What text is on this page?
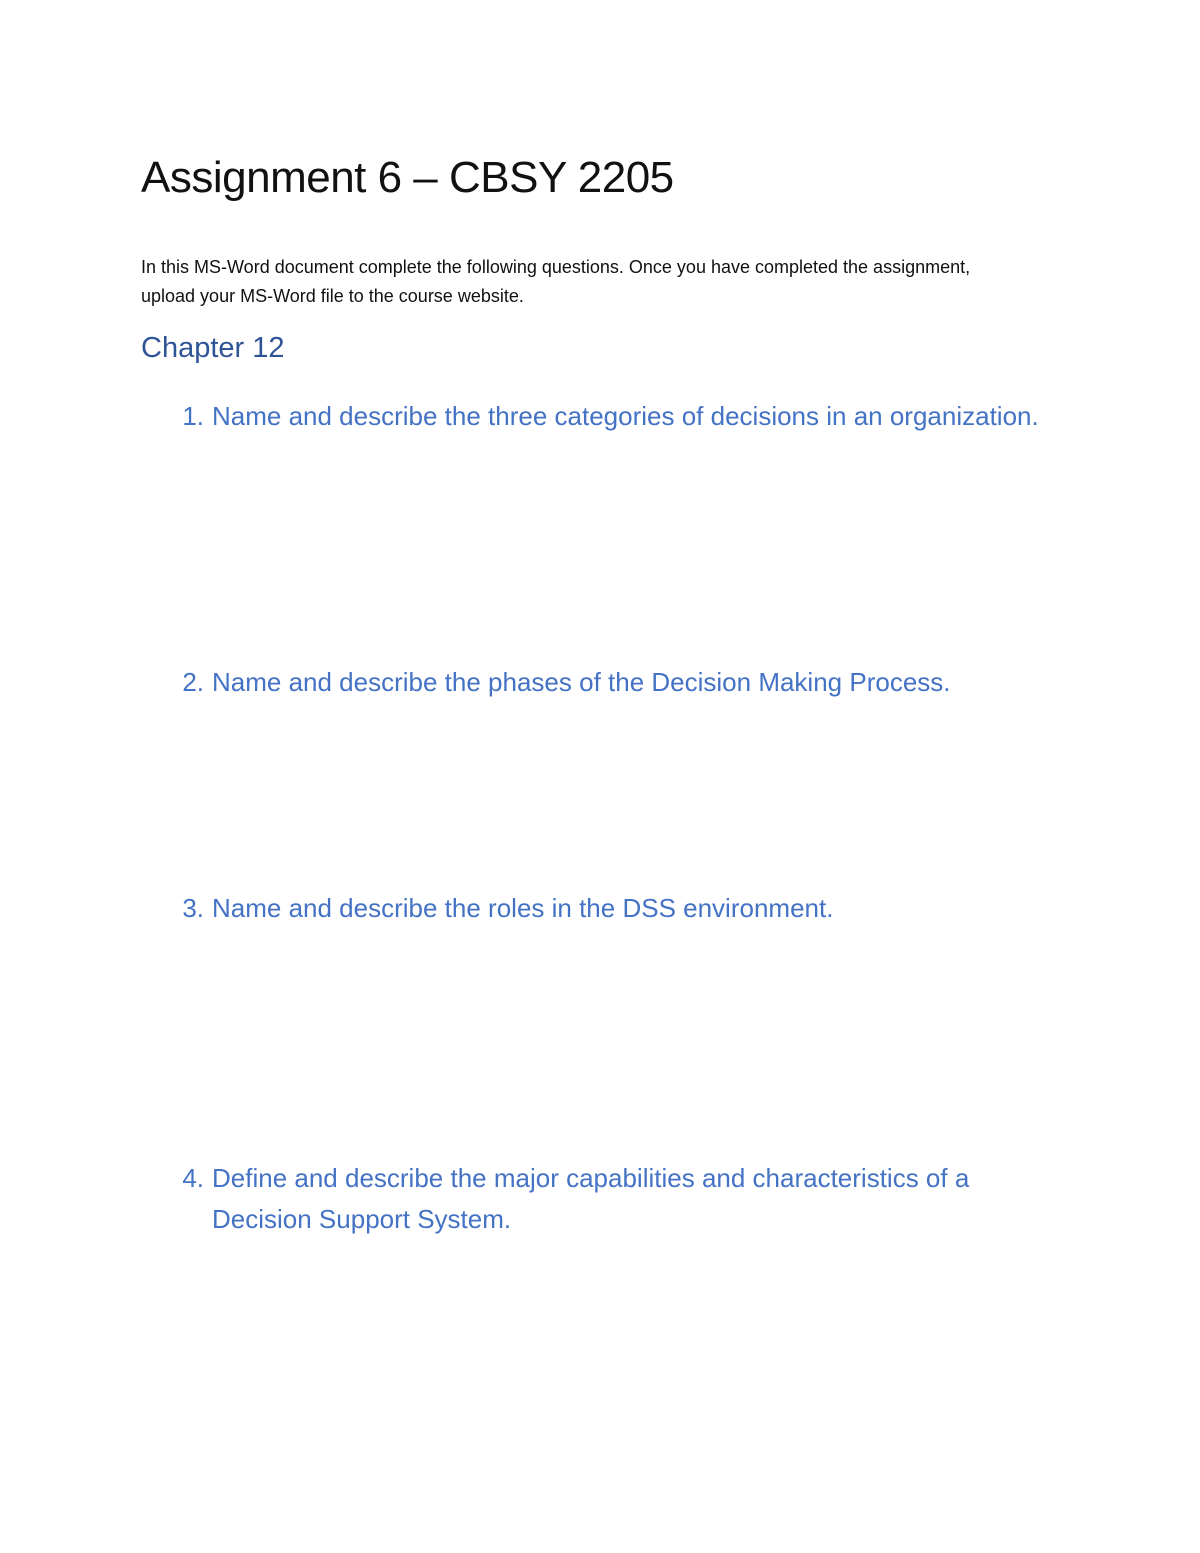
Assignment 6 – CBSY 2205

In this MS-Word document complete the following questions. Once you have completed the assignment, upload your MS-Word file to the course website.

Chapter 12
1. Name and describe the three categories of decisions in an organization.
2. Name and describe the phases of the Decision Making Process.
3. Name and describe the roles in the DSS environment.
4. Define and describe the major capabilities and characteristics of a Decision Support System.
